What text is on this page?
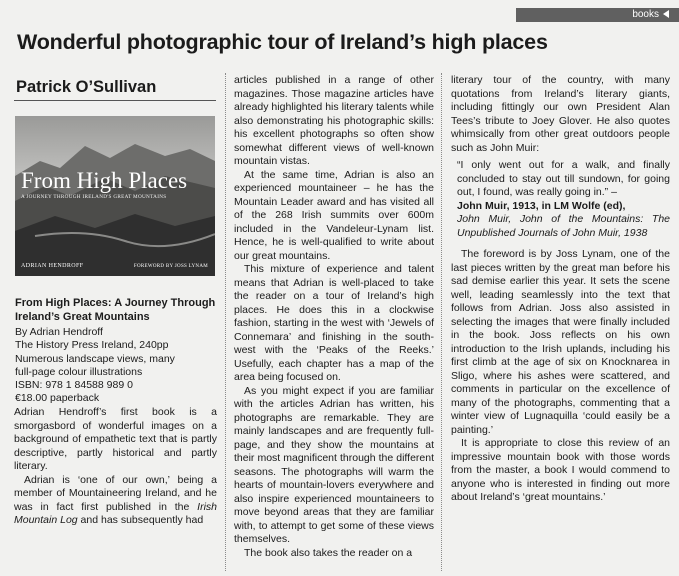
books
Wonderful photographic tour of Ireland’s high places
Patrick O’Sullivan
From High Places
A JOURNEY THROUGH IRELAND'S GREAT MOUNTAINS
ADRIAN HENDROFF	FOREWORD BY JOSS LYNAM
From High Places: A Journey Through Ireland’s Great Mountains
By Adrian Hendroff
The History Press Ireland, 240pp
Numerous landscape views, many
full-page colour illustrations
ISBN: 978 1 84588 989 0
€18.00 paperback

Adrian Hendroff’s first book is a smorgasbord of wonderful images on a background of empathetic text that is partly descriptive, partly historical and partly literary.

Adrian is ‘one of our own,’ being a member of Mountaineering Ireland, and he was in fact first published in the Irish Mountain Log and has subsequently had

articles published in a range of other magazines. Those magazine articles have already highlighted his literary talents while also demonstrating his photographic skills: his excellent photographs so often show somewhat different views of well-known mountain vistas.

At the same time, Adrian is also an experienced mountaineer – he has the Mountain Leader award and has visited all of the 268 Irish summits over 600m included in the Vandeleur-Lynam list. Hence, he is well-qualified to write about our great mountains.

This mixture of experience and talent means that Adrian is well-placed to take the reader on a tour of Ireland’s high places. He does this in a clockwise fashion, starting in the west with ‘Jewels of Connemara’ and finishing in the south-west with the ‘Peaks of the Reeks.’ Usefully, each chapter has a map of the area being focused on.

As you might expect if you are familiar with the articles Adrian has written, his photographs are remarkable. They are mainly landscapes and are frequently full-page, and they show the mountains at their most magnificent through the different seasons. The photographs will warm the hearts of mountain-lovers everywhere and also inspire experienced mountaineers to move beyond areas that they are familiar with, to attempt to get some of these views themselves.

The book also takes the reader on a

literary tour of the country, with many quotations from Ireland’s literary giants, including fittingly our own President Alan Tees’s tribute to Joey Glover. He also quotes whimsically from other great outdoors people such as John Muir:

“I only went out for a walk, and finally concluded to stay out till sundown, for going out, I found, was really going in.” –

John Muir, 1913, in LM Wolfe (ed),

John Muir, John of the Mountains: The Unpublished Journals of John Muir, 1938

The foreword is by Joss Lynam, one of the last pieces written by the great man before his sad demise earlier this year. It sets the scene well, leading seamlessly into the text that follows from Adrian. Joss also assisted in selecting the images that were finally included in the book. Joss reflects on his own introduction to the Irish uplands, including his first climb at the age of six on Knocknarea in Sligo, where his ashes were scattered, and comments in particular on the excellence of many of the photographs, commenting that a winter view of Lugnaquilla ‘could easily be a painting.’

It is appropriate to close this review of an impressive mountain book with those words from the master, a book I would commend to anyone who is interested in finding out more about Ireland’s ‘great mountains.’
